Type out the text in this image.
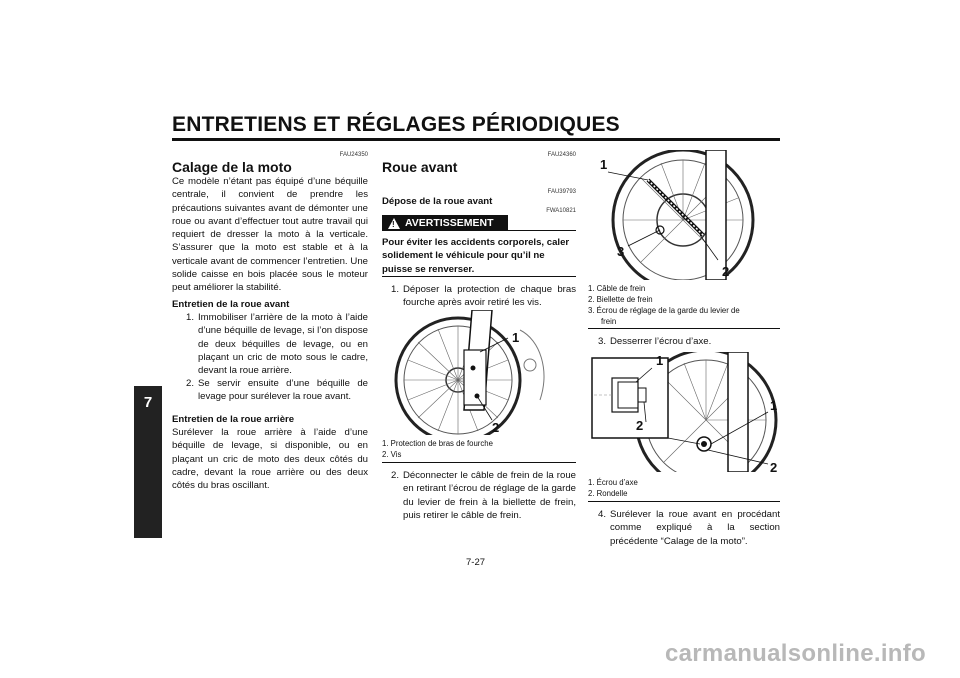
ENTRETIENS ET RÉGLAGES PÉRIODIQUES
7
FAU24350
Calage de la moto
Ce modèle n’étant pas équipé d’une béquille centrale, il convient de prendre les précautions suivantes avant de démonter une roue ou avant d’effectuer tout autre travail qui requiert de dresser la moto à la verticale. S’assurer que la moto est stable et à la verticale avant de commencer l’entretien. Une solide caisse en bois placée sous le moteur peut améliorer la stabilité.
Entretien de la roue avant
1. Immobiliser l’arrière de la moto à l’aide d’une béquille de levage, si l’on dispose de deux béquilles de levage, ou en plaçant un cric de moto sous le cadre, devant la roue arrière.
2. Se servir ensuite d’une béquille de levage pour surélever la roue avant.
Entretien de la roue arrière
Surélever la roue arrière à l’aide d’une béquille de levage, si disponible, ou en plaçant un cric de moto des deux côtés du cadre, devant la roue arrière ou des deux côtés du bras oscillant.
FAU24360
Roue avant
FAU39793
Dépose de la roue avant
FWA10821
! AVERTISSEMENT
Pour éviter les accidents corporels, caler solidement le véhicule pour qu’il ne puisse se renverser.
1. Déposer la protection de chaque bras fourche après avoir retiré les vis.
1
2
1. Protection de bras de fourche
2. Vis
2. Déconnecter le câble de frein de la roue en retirant l’écrou de réglage de la garde du levier de frein à la biellette de frein, puis retirer le câble de frein.
1
2
3
1. Câble de frein
2. Biellette de frein
3. Écrou de réglage de la garde du levier de
frein
3. Desserrer l’écrou d’axe.
1
2
1
2
1. Écrou d’axe
2. Rondelle
4. Surélever la roue avant en procédant comme expliqué à la section précédente “Calage de la moto”.
7-27
carmanualsonline.info
